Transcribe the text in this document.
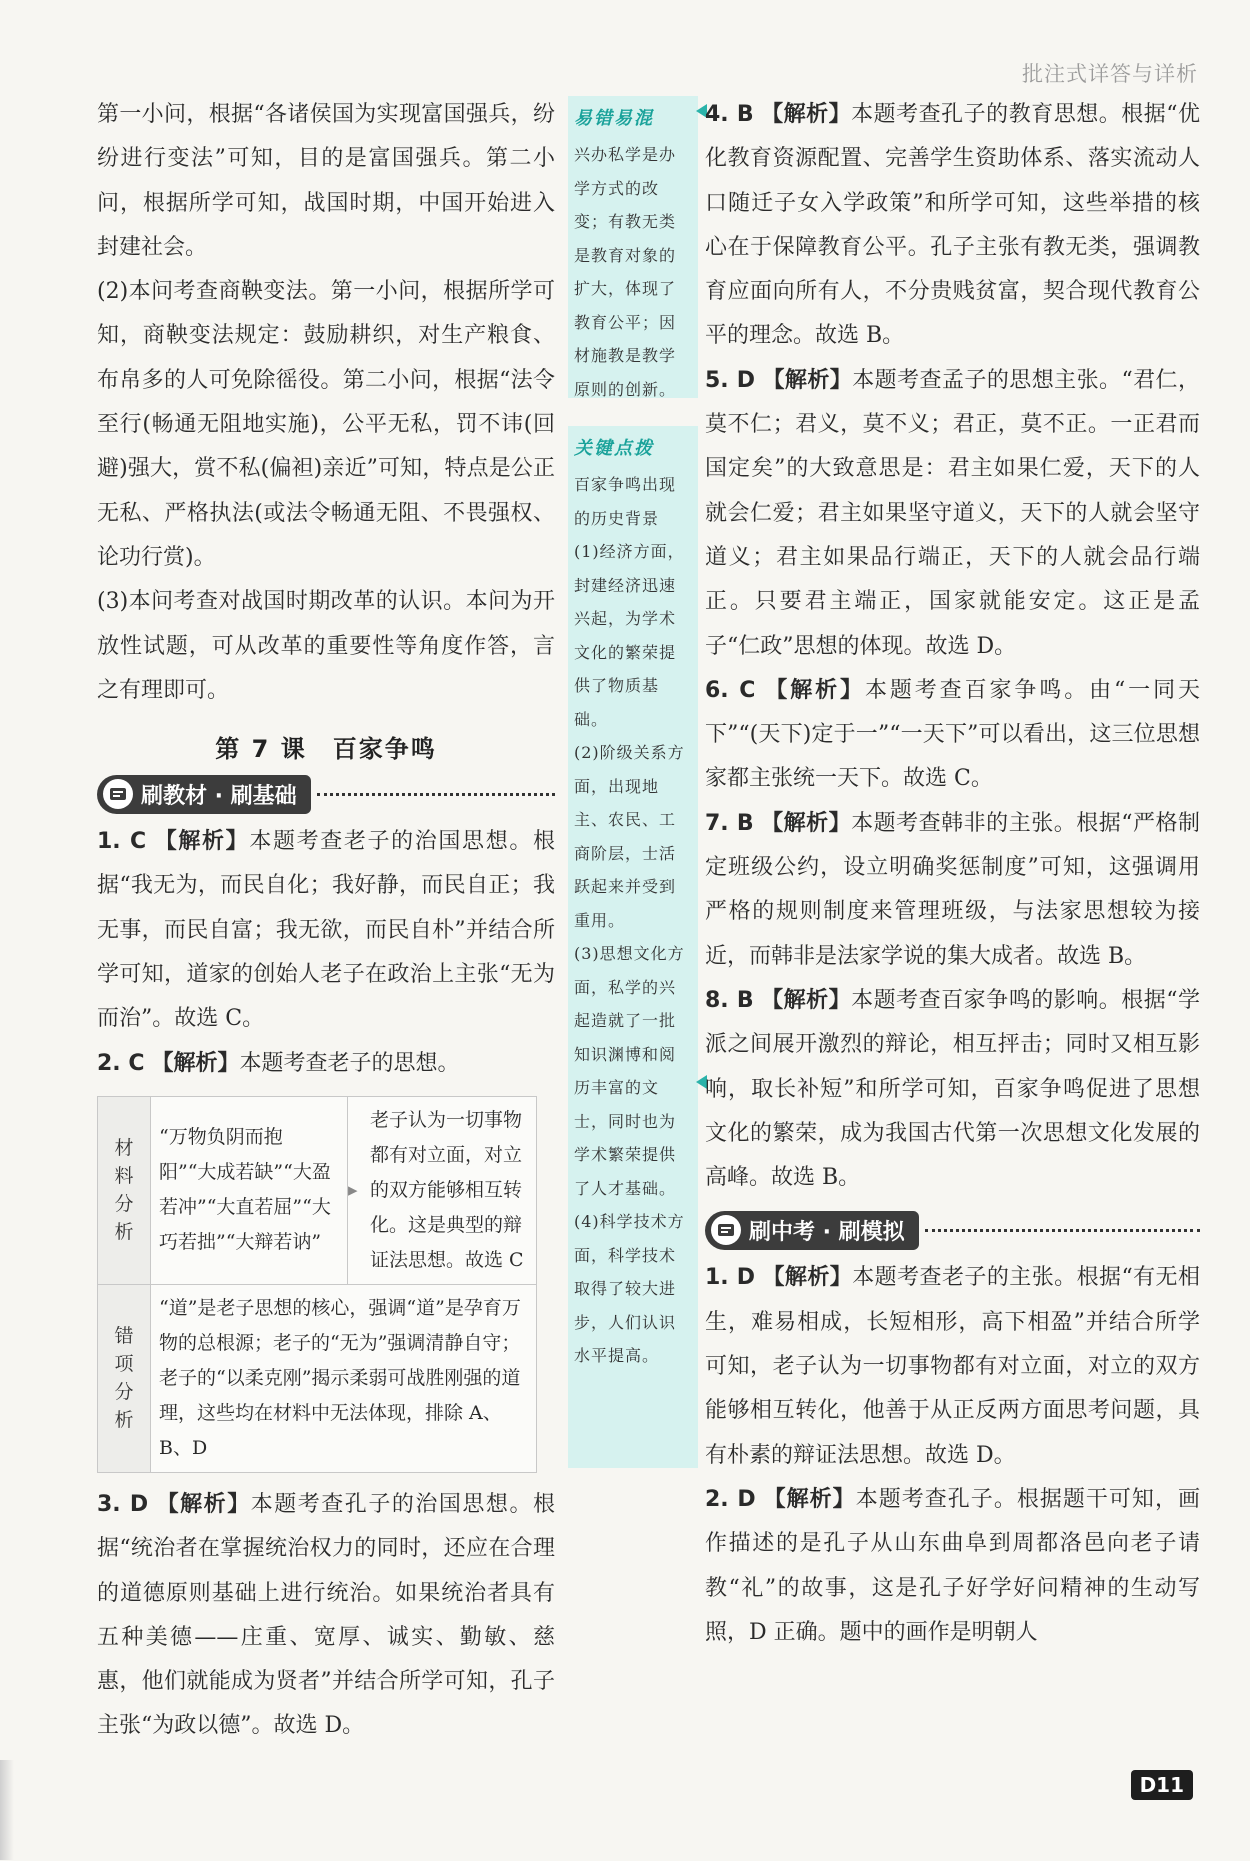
批注式详答与详析

第一小问，根据“各诸侯国为实现富国强兵，纷纷进行变法”可知，目的是富国强兵。第二小问，根据所学可知，战国时期，中国开始进入封建社会。

(2)本问考查商鞅变法。第一小问，根据所学可知，商鞅变法规定：鼓励耕织，对生产粮食、布帛多的人可免除徭役。第二小问，根据“法令至行(畅通无阻地实施)，公平无私，罚不讳(回避)强大，赏不私(偏袒)亲近”可知，特点是公正无私、严格执法(或法令畅通无阻、不畏强权、论功行赏)。

(3)本问考查对战国时期改革的认识。本问为开放性试题，可从改革的重要性等角度作答，言之有理即可。

第 7 课　百家争鸣
刷教材 · 刷基础

1. C 【解析】本题考查老子的治国思想。根据“我无为，而民自化；我好静，而民自正；我无事，而民自富；我无欲，而民自朴”并结合所学可知，道家的创始人老子在政治上主张“无为而治”。故选 C。

2. C 【解析】本题考查老子的思想。

材料分析	“万物负阴而抱阳”“大成若缺”“大盈若冲”“大直若屈”“大巧若拙”“大辩若讷”	▸	老子认为一切事物都有对立面，对立的双方能够相互转化。这是典型的辩证法思想。故选 C
错项分析	“道”是老子思想的核心，强调“道”是孕育万物的总根源；老子的“无为”强调清静自守；老子的“以柔克刚”揭示柔弱可战胜刚强的道理，这些均在材料中无法体现，排除 A、B、D		

3. D 【解析】本题考查孔子的治国思想。根据“统治者在掌握统治权力的同时，还应在合理的道德原则基础上进行统治。如果统治者具有五种美德——庄重、宽厚、诚实、勤敏、慈惠，他们就能成为贤者”并结合所学可知，孔子主张“为政以德”。故选 D。

易错易混
兴办私学是办学方式的改变；有教无类是教育对象的扩大，体现了教育公平；因材施教是教学原则的创新。
关键点拨
百家争鸣出现的历史背景
(1)经济方面，封建经济迅速兴起，为学术文化的繁荣提供了物质基础。
(2)阶级关系方面，出现地主、农民、工商阶层，士活跃起来并受到重用。
(3)思想文化方面，私学的兴起造就了一批知识渊博和阅历丰富的文士，同时也为学术繁荣提供了人才基础。
(4)科学技术方面，科学技术取得了较大进步，人们认识水平提高。

4. B 【解析】本题考查孔子的教育思想。根据“优化教育资源配置、完善学生资助体系、落实流动人口随迁子女入学政策”和所学可知，这些举措的核心在于保障教育公平。孔子主张有教无类，强调教育应面向所有人，不分贵贱贫富，契合现代教育公平的理念。故选 B。

5. D 【解析】本题考查孟子的思想主张。“君仁，莫不仁；君义，莫不义；君正，莫不正。一正君而国定矣”的大致意思是：君主如果仁爱，天下的人就会仁爱；君主如果坚守道义，天下的人就会坚守道义；君主如果品行端正，天下的人就会品行端正。只要君主端正，国家就能安定。这正是孟子“仁政”思想的体现。故选 D。

6. C 【解析】本题考查百家争鸣。由“一同天下”“(天下)定于一”“一天下”可以看出，这三位思想家都主张统一天下。故选 C。

7. B 【解析】本题考查韩非的主张。根据“严格制定班级公约，设立明确奖惩制度”可知，这强调用严格的规则制度来管理班级，与法家思想较为接近，而韩非是法家学说的集大成者。故选 B。

8. B 【解析】本题考查百家争鸣的影响。根据“学派之间展开激烈的辩论，相互抨击；同时又相互影响，取长补短”和所学可知，百家争鸣促进了思想文化的繁荣，成为我国古代第一次思想文化发展的高峰。故选 B。

刷中考 · 刷模拟

1. D 【解析】本题考查老子的主张。根据“有无相生，难易相成，长短相形，高下相盈”并结合所学可知，老子认为一切事物都有对立面，对立的双方能够相互转化，他善于从正反两方面思考问题，具有朴素的辩证法思想。故选 D。

2. D 【解析】本题考查孔子。根据题干可知，画作描述的是孔子从山东曲阜到周都洛邑向老子请教“礼”的故事，这是孔子好学好问精神的生动写照，D 正确。题中的画作是明朝人

D11
